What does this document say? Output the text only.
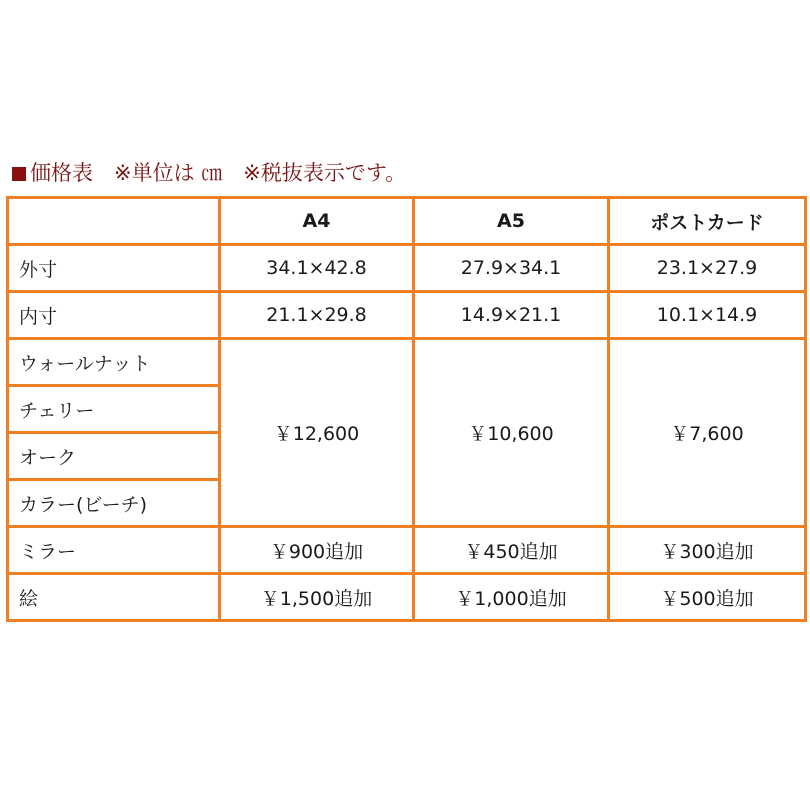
価格表　※単位は ㎝　※税抜表示です。
	A4	A5	ポストカード
外寸	34.1×42.8	27.9×34.1	23.1×27.9
内寸	21.1×29.8	14.9×21.1	10.1×14.9
ウォールナット	￥12,600	￥10,600	￥7,600
チェリー			
オーク			
カラー(ビーチ)			
ミラー	￥900追加	￥450追加	￥300追加
絵	￥1,500追加	￥1,000追加	￥500追加
